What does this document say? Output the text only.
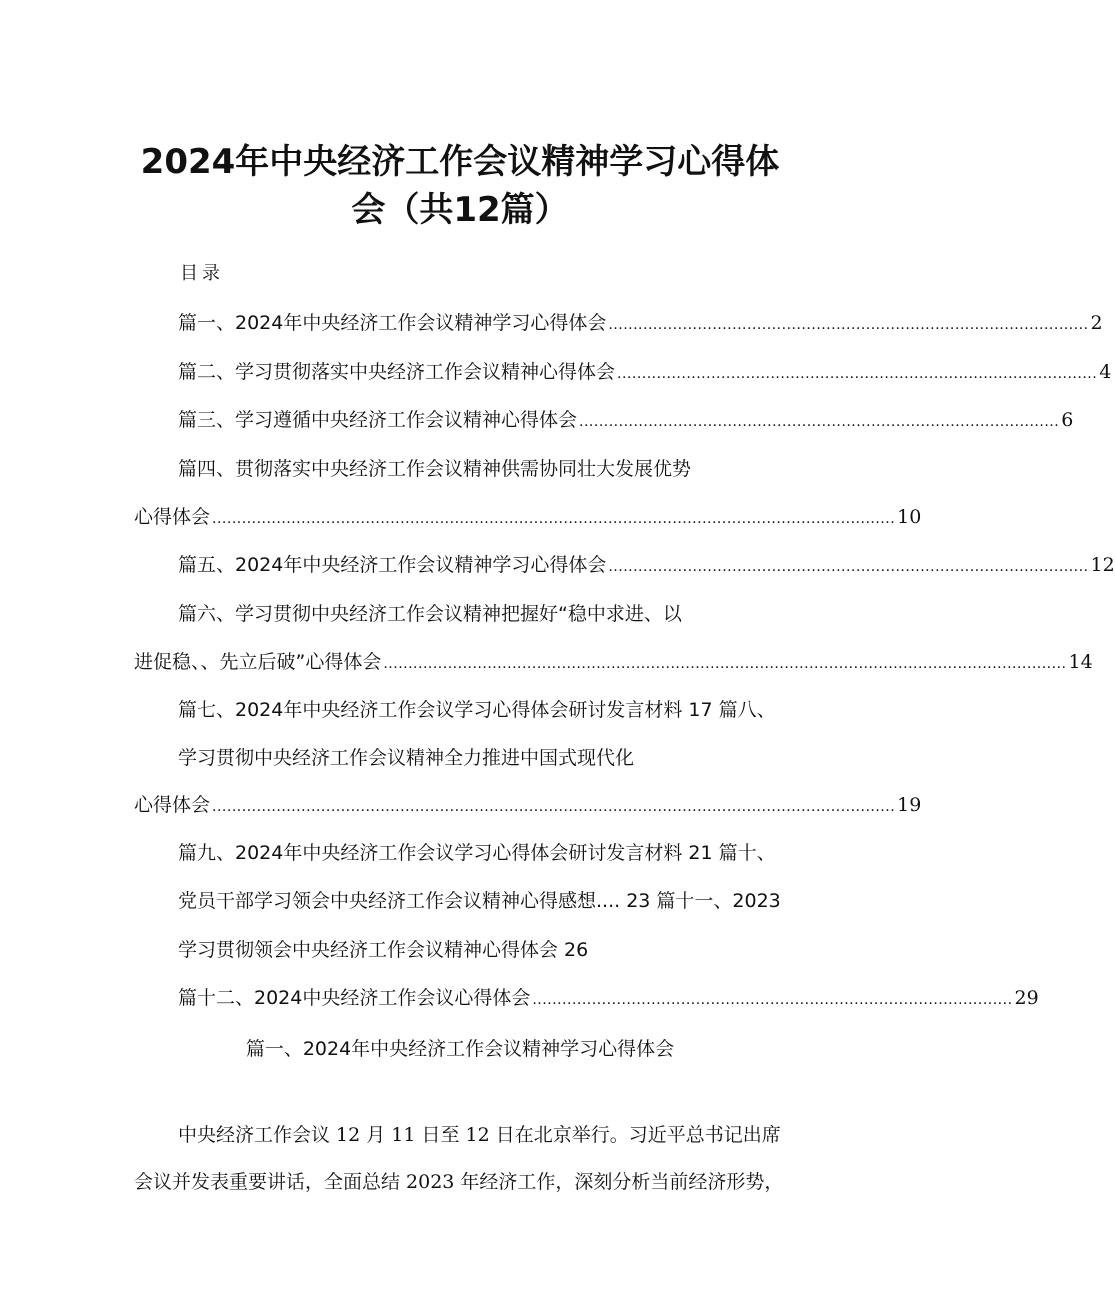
2024年中央经济工作会议精神学习心得体
会（共12篇）
目录
篇一、2024年中央经济工作会议精神学习心得体会 ................................................................................................. 2
篇二、学习贯彻落实中央经济工作会议精神心得体会 ................................................................................................. 4
篇三、学习遵循中央经济工作会议精神心得体会 ................................................................................................. 6
篇四、贯彻落实中央经济工作会议精神供需协同壮大发展优势
心得体会 .......................................................................................................................................... 10
篇五、2024年中央经济工作会议精神学习心得体会 ................................................................................................. 12
篇六、学习贯彻中央经济工作会议精神把握好“稳中求进、以
进促稳、、先立后破”心得体会 .......................................................................................................................................... 14
篇七、2024年中央经济工作会议学习心得体会研讨发言材料 17 篇八、
学习贯彻中央经济工作会议精神全力推进中国式现代化
心得体会 .......................................................................................................................................... 19
篇九、2024年中央经济工作会议学习心得体会研讨发言材料 21 篇十、
党员干部学习领会中央经济工作会议精神心得感想.... 23 篇十一、2023
学习贯彻领会中央经济工作会议精神心得体会 26
篇十二、2024中央经济工作会议心得体会 ................................................................................................. 29
篇一、2024年中央经济工作会议精神学习心得体会
中央经济工作会议 12 月 11 日至 12 日在北京举行。习近平总书记出席
会议并发表重要讲话，全面总结 2023 年经济工作，深刻分析当前经济形势，
